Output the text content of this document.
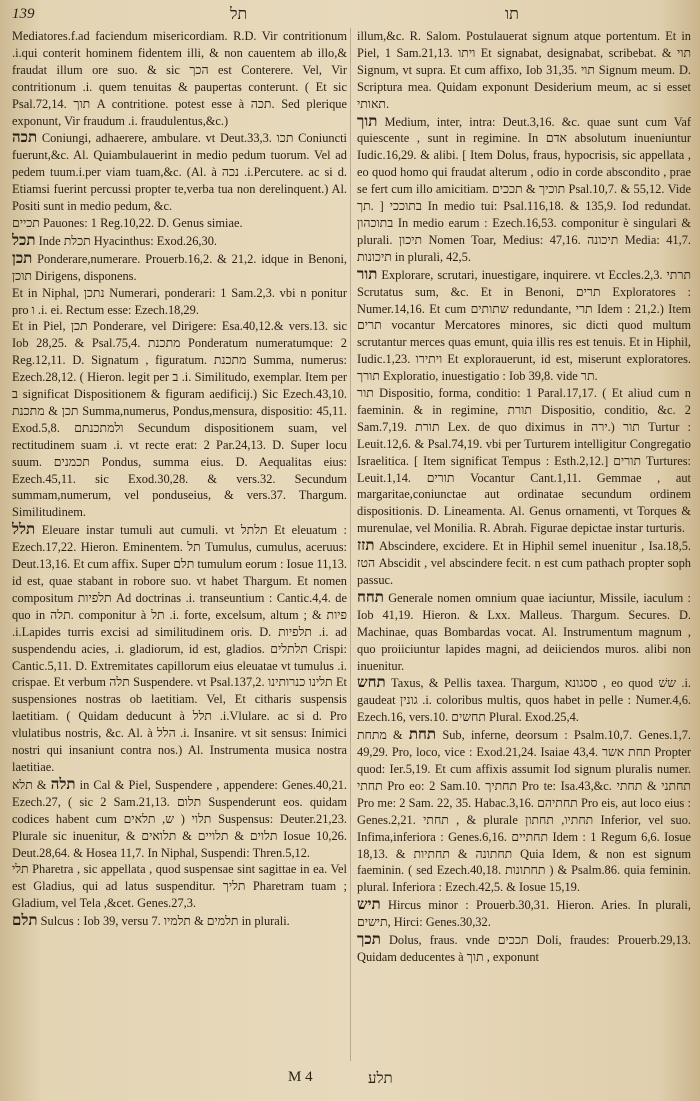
139	תל	תו

Mediatores.f.ad faciendum misericordiam. R.D. Vir contritionum .i.qui conterit hominem fidentem illi, & non cauentem ab illo,& fraudat illum ore suo. & sic הכך est Conterere. Vel, Vir contritionum .i. quem tenuitas & paupertas conterunt. ( Et sic Psal.72,14. תוך A contritione. potest esse à תכה. Sed plerique exponunt, Vir fraudum .i. fraudulentus,&c.)

תכה Coniungi, adhaerere, ambulare. vt Deut.33,3. תכו Coniuncti fuerunt,&c. Al. Quiambulauerint in medio pedum tuorum. Vel ad pedem tuum.i.per viam tuam,&c. (Al. à נכה .i.Percutere. ac si d. Etiamsi fuerint percussi propter te,verba tua non derelinquent.) Al. Positi sunt in medio pedum, &c.

תכיים Pauones: 1 Reg.10,22. D. Genus simiae.

תכל Inde תכלת Hyacinthus: Exod.26,30.

תכן Ponderare,numerare. Prouerb.16,2. & 21,2. idque in Benoni, תוכן Dirigens, disponens.

Et in Niphal, נתכן Numerari, ponderari: 1 Sam.2,3. vbi n ponitur pro ו .i. ei. Rectum esse: Ezech.18,29.

Et in Piel, תכן Ponderare, vel Dirigere: Esa.40,12.& vers.13. sic Iob 28,25. & Psal.75,4. מתכנת Ponderatum numeratumque: 2 Reg.12,11. D. Signatum , figuratum. מתכנת Summa, numerus: Ezech.28,12. ( Hieron. legit per ב .i. Similitudo, exemplar. Item per ב significat Dispositionem & figuram aedificij.) Sic Ezech.43,10. תכן & מתכנת Summa,numerus, Pondus,mensura, dispositio: 45,11. Exod.5,8. ולמתכנתם Secundum dispositionem suam, vel rectitudinem suam .i. vt recte erat: 2 Par.24,13. D. Super locu suum. תכמנים Pondus, summa eius. D. Aequalitas eius: Ezech.45,11. sic Exod.30,28. & vers.32. Secundum summam,numerum, vel ponduseius, & vers.37. Thargum. Similitudinem.

תלל Eleuare instar tumuli aut cumuli. vt תלתל Et eleuatum : Ezech.17,22. Hieron. Eminentem. תל Tumulus, cumulus, aceruus: Deut.13,16. Et cum affix. Super תלם tumulum eorum : Iosue 11,13. id est, quae stabant in robore suo. vt habet Thargum. Et nomen compositum תלפיות Ad doctrinas .i. transeuntium : Cantic.4,4. de quo in תלה. componitur à תל .i. forte, excelsum, altum ; & פיות .i.Lapides turris excisi ad similitudinem oris. D. תלפיות .i. ad suspendendu acies, .i. gladiorum, id est, gladios. תלתלים Crispi: Cantic.5,11. D. Extremitates capillorum eius eleuatae vt tumulus .i. crispae. Et verbum תלה Suspendere. vt Psal.137,2. תלינו כנרותינו Et suspensiones nostras ob laetitiam. Vel, Et citharis suspensis laetitiam. ( Quidam deducunt à תלל .i.Vlulare. ac si d. Pro vlulatibus nostris, &c. Al. à הלל .i. Insanire. vt sit sensus: Inimici nostri qui insaniunt contra nos.) Al. Instrumenta musica nostra laetitiae.

תלה & תלא in Cal & Piel, Suspendere , appendere: Genes.40,21. Ezech.27, ( sic 2 Sam.21,13. תלום Suspenderunt eos. quidam codices habent cum ש, תלאים ) תלוי Suspensus: Deuter.21,23. Plurale sic inuenitur, & תלוים & תלויים & תלואים Iosue 10,26. Deut.28,64. & Hosea 11,7. In Niphal, Suspendi: Thren.5,12.

תלי Pharetra , sic appellata , quod suspensae sint sagittae in ea. Vel est Gladius, qui ad latus suspenditur. תליך Pharetram tuam ; Gladium, vel Tela ,&cet. Genes.27,3.

תלם Sulcus : Iob 39, versu 7. תלמים & תלמיו in plurali.

illum,&c. R. Salom. Postulauerat signum atque portentum. Et in Piel, 1 Sam.21,13. ויתו Et signabat, designabat, scribebat. & תוי Signum, vt supra. Et cum affixo, Iob 31,35. תוי Signum meum. D. Scriptura mea. Quidam exponunt Desiderium meum, ac si esset תאותי.

תוך Medium, inter, intra: Deut.3,16. &c. quae sunt cum Vaf quiescente , sunt in regimine. In אדם absolutum inueniuntur Iudic.16,29. & alibi. [ Item Dolus, fraus, hypocrisis, sic appellata , eo quod homo qui fraudat alterum , odio in corde abscondito , prae se fert cum illo amicitiam. תוכיך & תככים Psal.10,7. & 55,12. Vide תך. ] בתוככי In medio tui: Psal.116,18. & 135,9. Iod redundat. בתוכהון In medio earum : Ezech.16,53. componitur è singulari & plurali. תיכון Nomen Toar, Medius: 47,16. תיכונה Media: 41,7. תיכונות in plurali, 42,5.

תור Explorare, scrutari, inuestigare, inquirere. vt Eccles.2,3. תרתי Scrutatus sum, &c. Et in Benoni, תרים Exploratores : Numer.14,16. Et cum שתותים redundante, תרי Idem : 21,2.) Item תרים vocantur Mercatores minores, sic dicti quod multum scrutantur merces quas emunt, quia illis res est tenuis. Et in Hiphil, Iudic.1,23. ויתירו Et explorauerunt, id est, miserunt exploratores. תורך Exploratio, inuestigatio : Iob 39,8. vide תר.

תור Dispositio, forma, conditio: 1 Paral.17,17. ( Et aliud cum n faeminin. & in regimine, תורת Dispositio, conditio, &c. 2 Sam.7,19. תורת Lex. de quo diximus in ירה.) תור Turtur : Leuit.12,6. & Psal.74,19. vbi per Turturem intelligitur Congregatio Israelitica. [ Item significat Tempus : Esth.2,12.] תורים Turtures: Leuit.1,14. תורים Vocantur Cant.1,11. Gemmae , aut margaritae,coniunctae aut ordinatae secundum ordinem dispositionis. D. Lineamenta. Al. Genus ornamenti, vt Torques & murenulae, vel Monilia. R. Abrah. Figurae depictae instar turturis.

תזז Abscindere, excidere. Et in Hiphil semel inuenitur , Isa.18,5. הטז Abscidit , vel abscindere fecit. n est cum pathach propter soph passuc.

תחח Generale nomen omnium quae iaciuntur, Missile, iaculum : Iob 41,19. Hieron. & Lxx. Malleus. Thargum. Secures. D. Machinae, quas Bombardas vocat. Al. Instrumentum magnum , quo proiiciuntur lapides magni, ad deiiciendos muros. alibi non inuenitur.

תחש Taxus, & Pellis taxea. Thargum, ססגונא , eo quod ששׁ .i. gaudeat גונין .i. coloribus multis, quos habet in pelle : Numer.4,6. Ezech.16, vers.10. תחשים Plural. Exod.25,4.

תחת & מתחת Sub, inferne, deorsum : Psalm.10,7. Genes.1,7. 49,29. Pro, loco, vice : Exod.21,24. Isaiae 43,4. תחת אשר Propter quod: Ier.5,19. Et cum affixis assumit Iod signum pluralis numer. תחתי Pro eo: 2 Sam.10. תחתיך Pro te: Isa.43,&c. תחתני & תחתי Pro me: 2 Sam. 22, 35. Habac.3,16. תחתיהם Pro eis, aut loco eius : Genes.2,21. תחתי , & plurale תחתיו, תחתון Inferior, vel suo. Infima,inferiora : Genes.6,16. תחתיים Idem : 1 Regum 6,6. Iosue 18,13. & תחתונה & תחתיות Quia Idem, & non est signum faeminin. ( sed Ezech.40,18. תחתונות ) & Psalm.86. quia feminin. plural. Inferiora : Ezech.42,5. & Iosue 15,19.

תיש Hircus minor : Prouerb.30,31. Hieron. Aries. In plurali, תישים, Hirci: Genes.30,32.

תכך Dolus, fraus. vnde תככים Doli, fraudes: Prouerb.29,13. Quidam deducentes à תוך , exponunt

M 4	תלע
